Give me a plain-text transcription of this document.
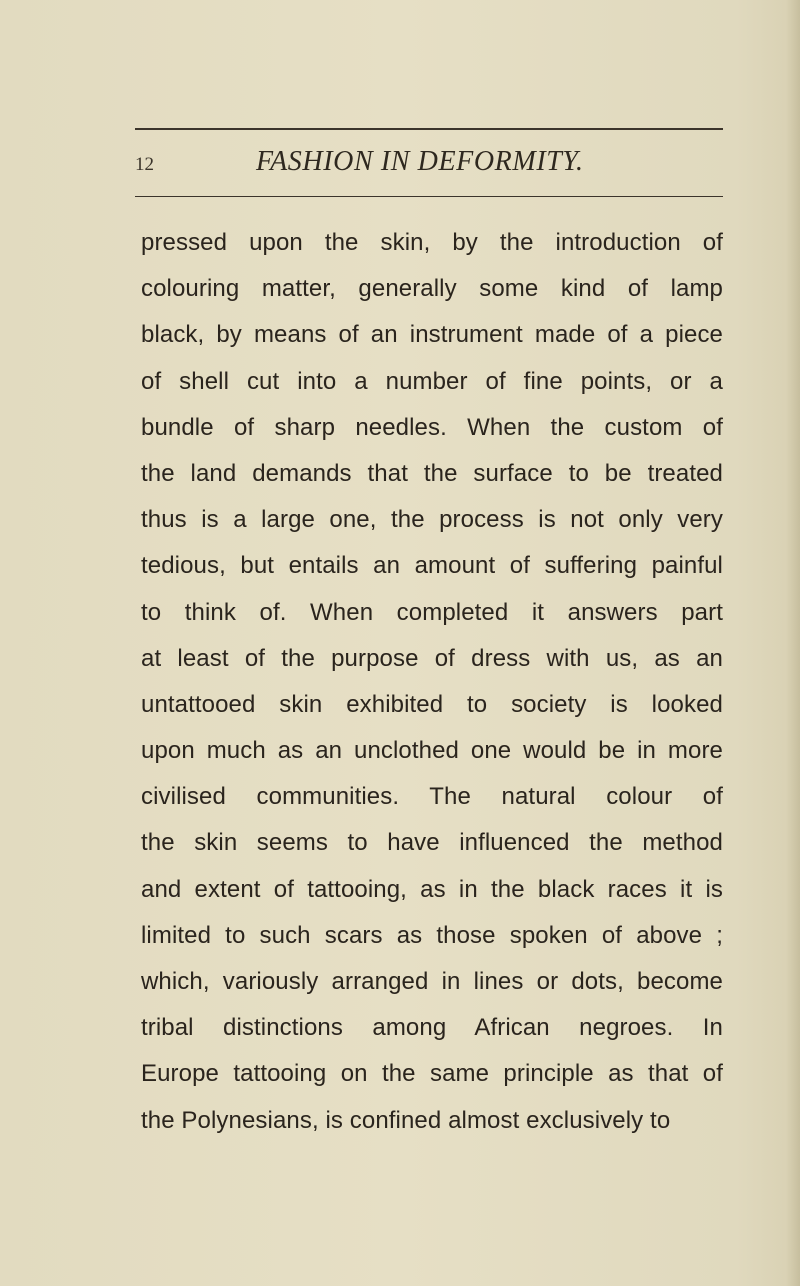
12	FASHION IN DEFORMITY.
pressed upon the skin, by the introduction of
colouring matter, generally some kind of lamp
black, by means of an instrument made of a piece
of shell cut into a number of fine points, or a
bundle of sharp needles. When the custom of
the land demands that the surface to be treated
thus is a large one, the process is not only very
tedious, but entails an amount of suffering painful
to think of. When completed it answers part
at least of the purpose of dress with us, as an
untattooed skin exhibited to society is looked
upon much as an unclothed one would be in more
civilised communities. The natural colour of
the skin seems to have influenced the method
and extent of tattooing, as in the black races it is
limited to such scars as those spoken of above ;
which, variously arranged in lines or dots, become
tribal distinctions among African negroes. In
Europe tattooing on the same principle as that of
the Polynesians, is confined almost exclusively to
